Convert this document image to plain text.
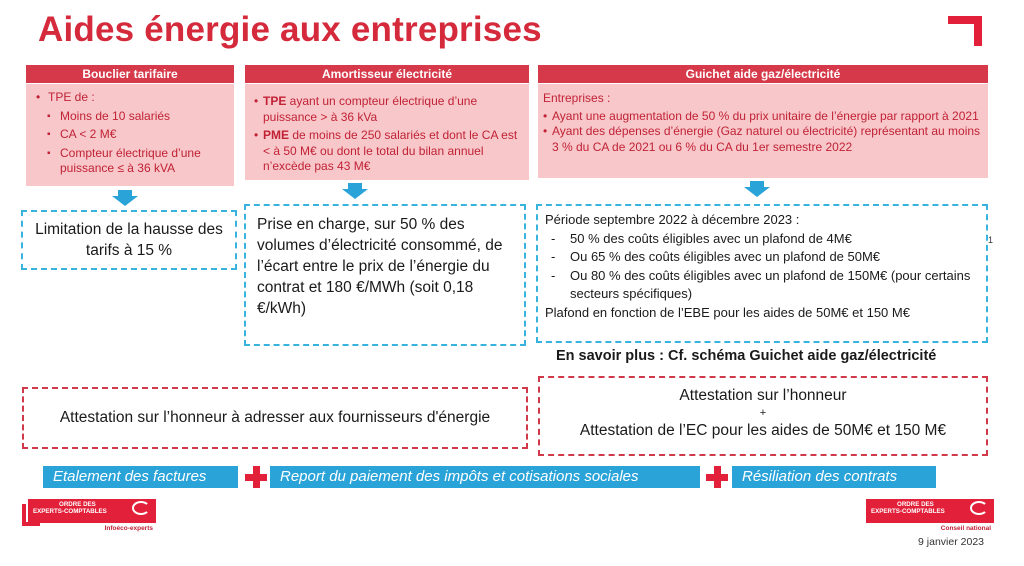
Aides énergie aux entreprises
Bouclier tarifaire
• TPE de :
▪ Moins de 10 salariés
▪ CA < 2 M€
▪ Compteur électrique d’une puissance ≤ à 36 kVA
Amortisseur électricité
• TPE ayant un compteur électrique d’une puissance > à 36 kVa
• PME de moins de 250 salariés et dont le CA est < à 50 M€ ou dont le total du bilan annuel n’excède pas 43 M€
Guichet aide gaz/électricité
Entreprises :
• Ayant une augmentation de 50 % du prix unitaire de l’énergie par rapport à 2021
• Ayant des dépenses d’énergie (Gaz naturel ou électricité) représentant au moins 3 % du CA de 2021 ou 6 % du CA du 1er semestre 2022
Limitation de la hausse des tarifs à 15 %
Prise en charge, sur 50 % des volumes d’électricité consommé, de l’écart entre le prix de l’énergie du contrat et 180 €/MWh (soit 0,18 €/kWh)
Période septembre 2022 à décembre 2023 :
- 50 % des coûts éligibles avec un plafond de 4M€
- Ou 65 % des coûts éligibles avec un plafond de 50M€
- Ou 80 % des coûts éligibles avec un plafond de 150M€ (pour certains secteurs spécifiques)
Plafond en fonction de l’EBE pour les aides de 50M€ et 150 M€
1
En savoir plus : Cf. schéma Guichet aide gaz/électricité
Attestation sur l’honneur à adresser aux fournisseurs d'énergie
Attestation sur l’honneur
+
Attestation de l’EC pour les aides de 50M€ et 150 M€
Etalement des factures	Report du paiement des impôts et cotisations sociales	Résiliation des contrats
ORDRE DES
EXPERTS-COMPTABLES
Infoéco-experts
ORDRE DES
EXPERTS-COMPTABLES
Conseil national
9 janvier 2023
